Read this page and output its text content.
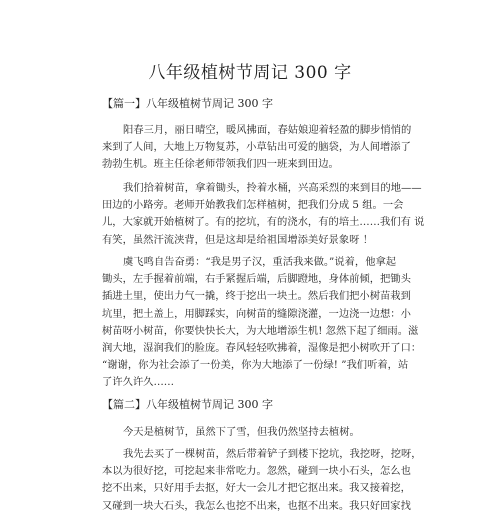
八年级植树节周记 300 字
【篇一】八年级植树节周记 300 字

阳春三月，丽日晴空，暖风拂面，春姑娘迎着轻盈的脚步悄悄的
来到了人间，大地上万物复苏，小草钻出可爱的脑袋，为人间增添了
勃勃生机。班主任徐老师带领我们四一班来到田边。

我们拾着树苗，拿着锄头，拎着水桶，兴高采烈的来到目的地——
田边的小路旁。老师开始教我们怎样植树，把我们分成 5 组。一会
儿，大家就开始植树了。有的挖坑，有的浇水，有的培土……我们有 说
有笑，虽然汗流浃背，但是这却是给祖国增添美好景象呀 ！

虞飞鸣自告奋勇：“我是男子汉，重活我来做。”说着，他拿起
锄头，左手握着前端，右手紧握后端，后脚蹬地，身体前倾，把锄头
插进土里，使出力气一撬，终于挖出一块土。然后我们把小树苗栽到
坑里，把土盖上，用脚踩实，向树苗的缝隙浇灌，一边浇一边想：小
树苗呀小树苗，你要快快长大，为大地增添生机! 忽然下起了细雨。滋
润大地，湿润我们的脸庞。春风轻轻吹拂着，湿像是把小树吹开了口：
“谢谢，你为社会添了一份美，你为大地添了一份绿! ”我们听着，站
了许久许久……

【篇二】八年级植树节周记 300 字

今天是植树节，虽然下了雪，但我仍然坚持去植树。

我先去买了一棵树苗，然后带着铲子到楼下挖坑，我挖呀，挖呀，
本以为很好挖，可挖起来非常吃力。忽然，碰到一块小石头，怎么也
挖不出来，只好用手去抠，好大一会儿才把它抠出来。我又接着挖，
又碰到一块大石头，我怎么也挖不出来，也抠不出来。我只好回家找
